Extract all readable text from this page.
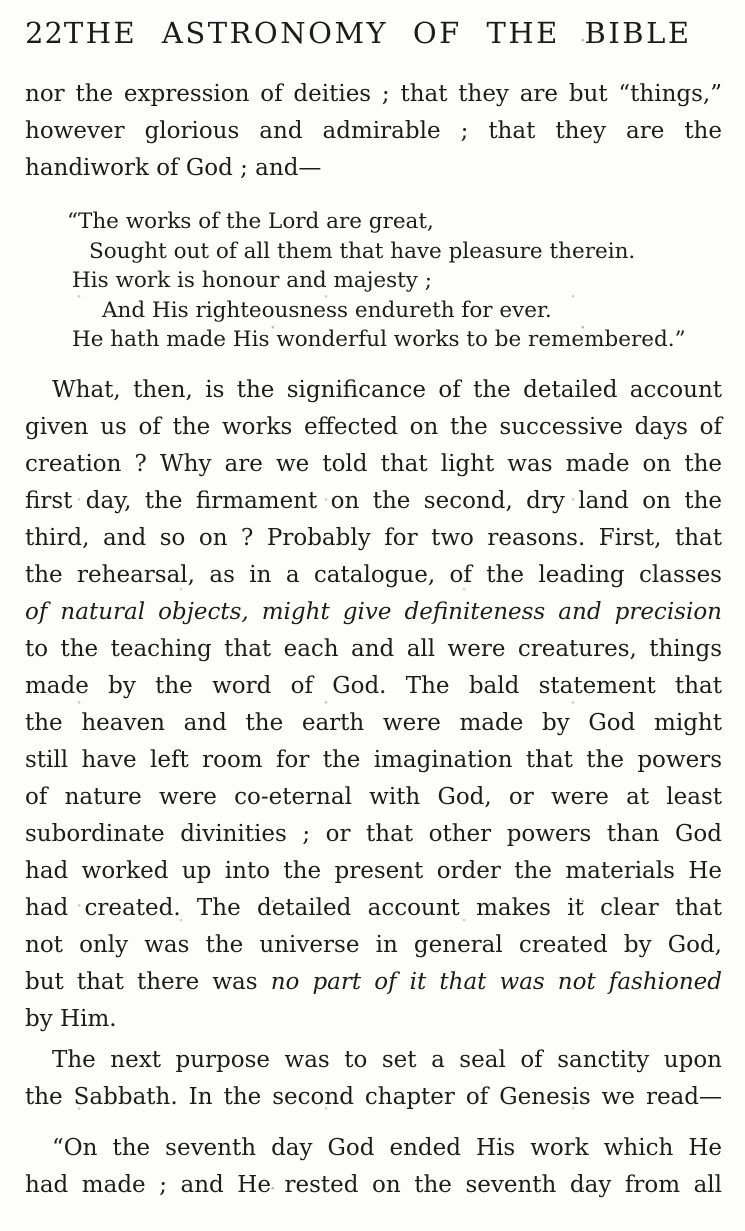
22 THE ASTRONOMY OF THE BIBLE
nor the expression of deities ; that they are but “things,”
however glorious and admirable ; that they are the
handiwork of God ; and—
“The works of the Lord are great,
Sought out of all them that have pleasure therein.
His work is honour and majesty ;
And His righteousness endureth for ever.
He hath made His wonderful works to be remembered.”
What, then, is the significance of the detailed account
given us of the works effected on the successive days of
creation ? Why are we told that light was made on the
first day, the firmament on the second, dry land on the
third, and so on ? Probably for two reasons. First, that
the rehearsal, as in a catalogue, of the leading classes
of natural objects, might give definiteness and precision
to the teaching that each and all were creatures, things
made by the word of God. The bald statement that
the heaven and the earth were made by God might
still have left room for the imagination that the powers
of nature were co-eternal with God, or were at least
subordinate divinities ; or that other powers than God
had worked up into the present order the materials He
had created. The detailed account makes it clear that
not only was the universe in general created by God,
but that there was no part of it that was not fashioned
by Him.
The next purpose was to set a seal of sanctity upon
the Sabbath. In the second chapter of Genesis we read—
“On the seventh day God ended His work which He
had made ; and He rested on the seventh day from all
